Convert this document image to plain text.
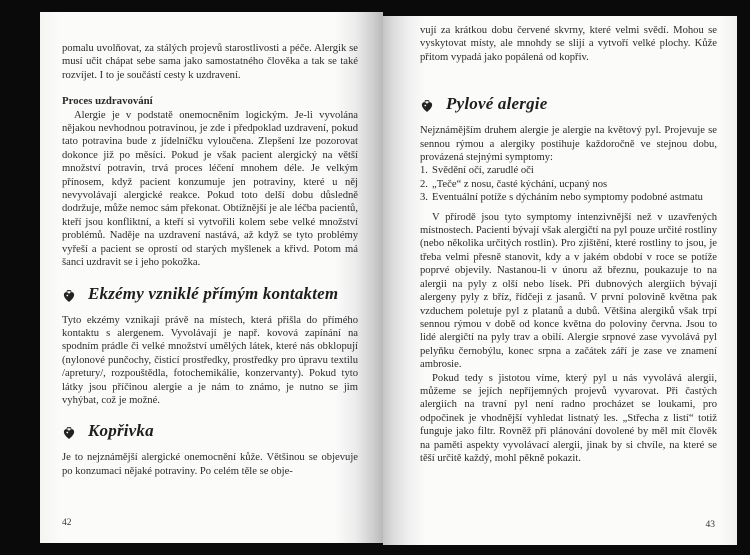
pomalu uvolňovat, za stálých projevů starostlivosti a péče. Alergik se musí učit chápat sebe sama jako samostatného člověka a tak se také rozvíjet. I to je součástí cesty k uzdravení.

Proces uzdravování

Alergie je v podstatě onemocněním logickým. Je-li vyvolána nějakou nevhodnou potravinou, je zde i předpoklad uzdravení, pokud tato potravina bude z jídelníčku vyloučena. Zlepšení lze pozorovat dokonce již po měsíci. Pokud je však pacient alergický na větší množství potravin, trvá proces léčení mnohem déle. Je velkým přínosem, když pacient konzumuje jen potraviny, které u něj nevyvolávají alergické reakce. Pokud toto delší dobu důsledně dodržuje, může nemoc sám překonat. Obtížnější je ale léčba pacientů, kteří jsou konfliktní, a kteří si vytvořili kolem sebe velké množství problémů. Naděje na uzdravení nastává, až když se tyto problémy vyřeší a pacient se oprostí od starých myšlenek a křivd. Potom má šanci uzdravit se i jeho pokožka.

Ekzémy vzniklé přímým kontaktem

Tyto ekzémy vznikají právě na místech, která přišla do přímého kontaktu s alergenem. Vyvolávají je např. kovová zapínání na spodním prádle či velké množství umělých látek, které nás obklopují (nylonové punčochy, čisticí prostředky, prostředky pro úpravu textilu /apretury/, rozpouštědla, fotochemikálie, konzervanty). Pokud tyto látky jsou příčinou alergie a je nám to známo, je nutno se jim vyhýbat, což je možné.

Kopřivka

Je to nejznámější alergické onemocnění kůže. Většinou se objevuje po konzumaci nějaké potraviny. Po celém těle se obje-

42

vují za krátkou dobu červené skvrny, které velmi svědí. Mohou se vyskytovat místy, ale mnohdy se slijí a vytvoří velké plochy. Kůže přitom vypadá jako popálená od kopřiv.

Pylové alergie

Nejznámějším druhem alergie je alergie na květový pyl. Projevuje se sennou rýmou a alergiky postihuje každoročně ve stejnou dobu, provázená stejnými symptomy:

1. Svědění očí, zarudlé oči
2. „Teče“ z nosu, časté kýchání, ucpaný nos
3. Eventuální potíže s dýcháním nebo symptomy podobné astmatu

V přírodě jsou tyto symptomy intenzivnější než v uzavřených místnostech. Pacienti bývají však alergičtí na pyl pouze určité rostliny (nebo několika určitých rostlin). Pro zjištění, které rostliny to jsou, je třeba velmi přesně stanovit, kdy a v jakém období v roce se potíže poprvé objevily. Nastanou-li v únoru až březnu, poukazuje to na alergii na pyly z olší nebo lísek. Při dubnových alergiích bývají alergeny pyly z bříz, řídčeji z jasanů. V první polovině května pak vzduchem poletuje pyl z platanů a dubů. Většina alergiků však trpí sennou rýmou v době od konce května do poloviny června. Jsou to lidé alergičtí na pyly trav a obilí. Alergie srpnové zase vyvolává pyl pelyňku černobýlu, konec srpna a začátek září je zase ve znamení ambrosie.

Pokud tedy s jistotou víme, který pyl u nás vyvolává alergii, můžeme se jejích nepříjemných projevů vyvarovat. Při častých alergiích na travní pyl není radno procházet se loukami, pro odpočinek je vhodnější vyhledat listnatý les. „Střecha z listí“ totiž funguje jako filtr. Rovněž při plánování dovolené by měl mít člověk na paměti aspekty vyvolávací alergii, jinak by si chvíle, na které se těší určitě každý, mohl pěkně pokazit.

43
